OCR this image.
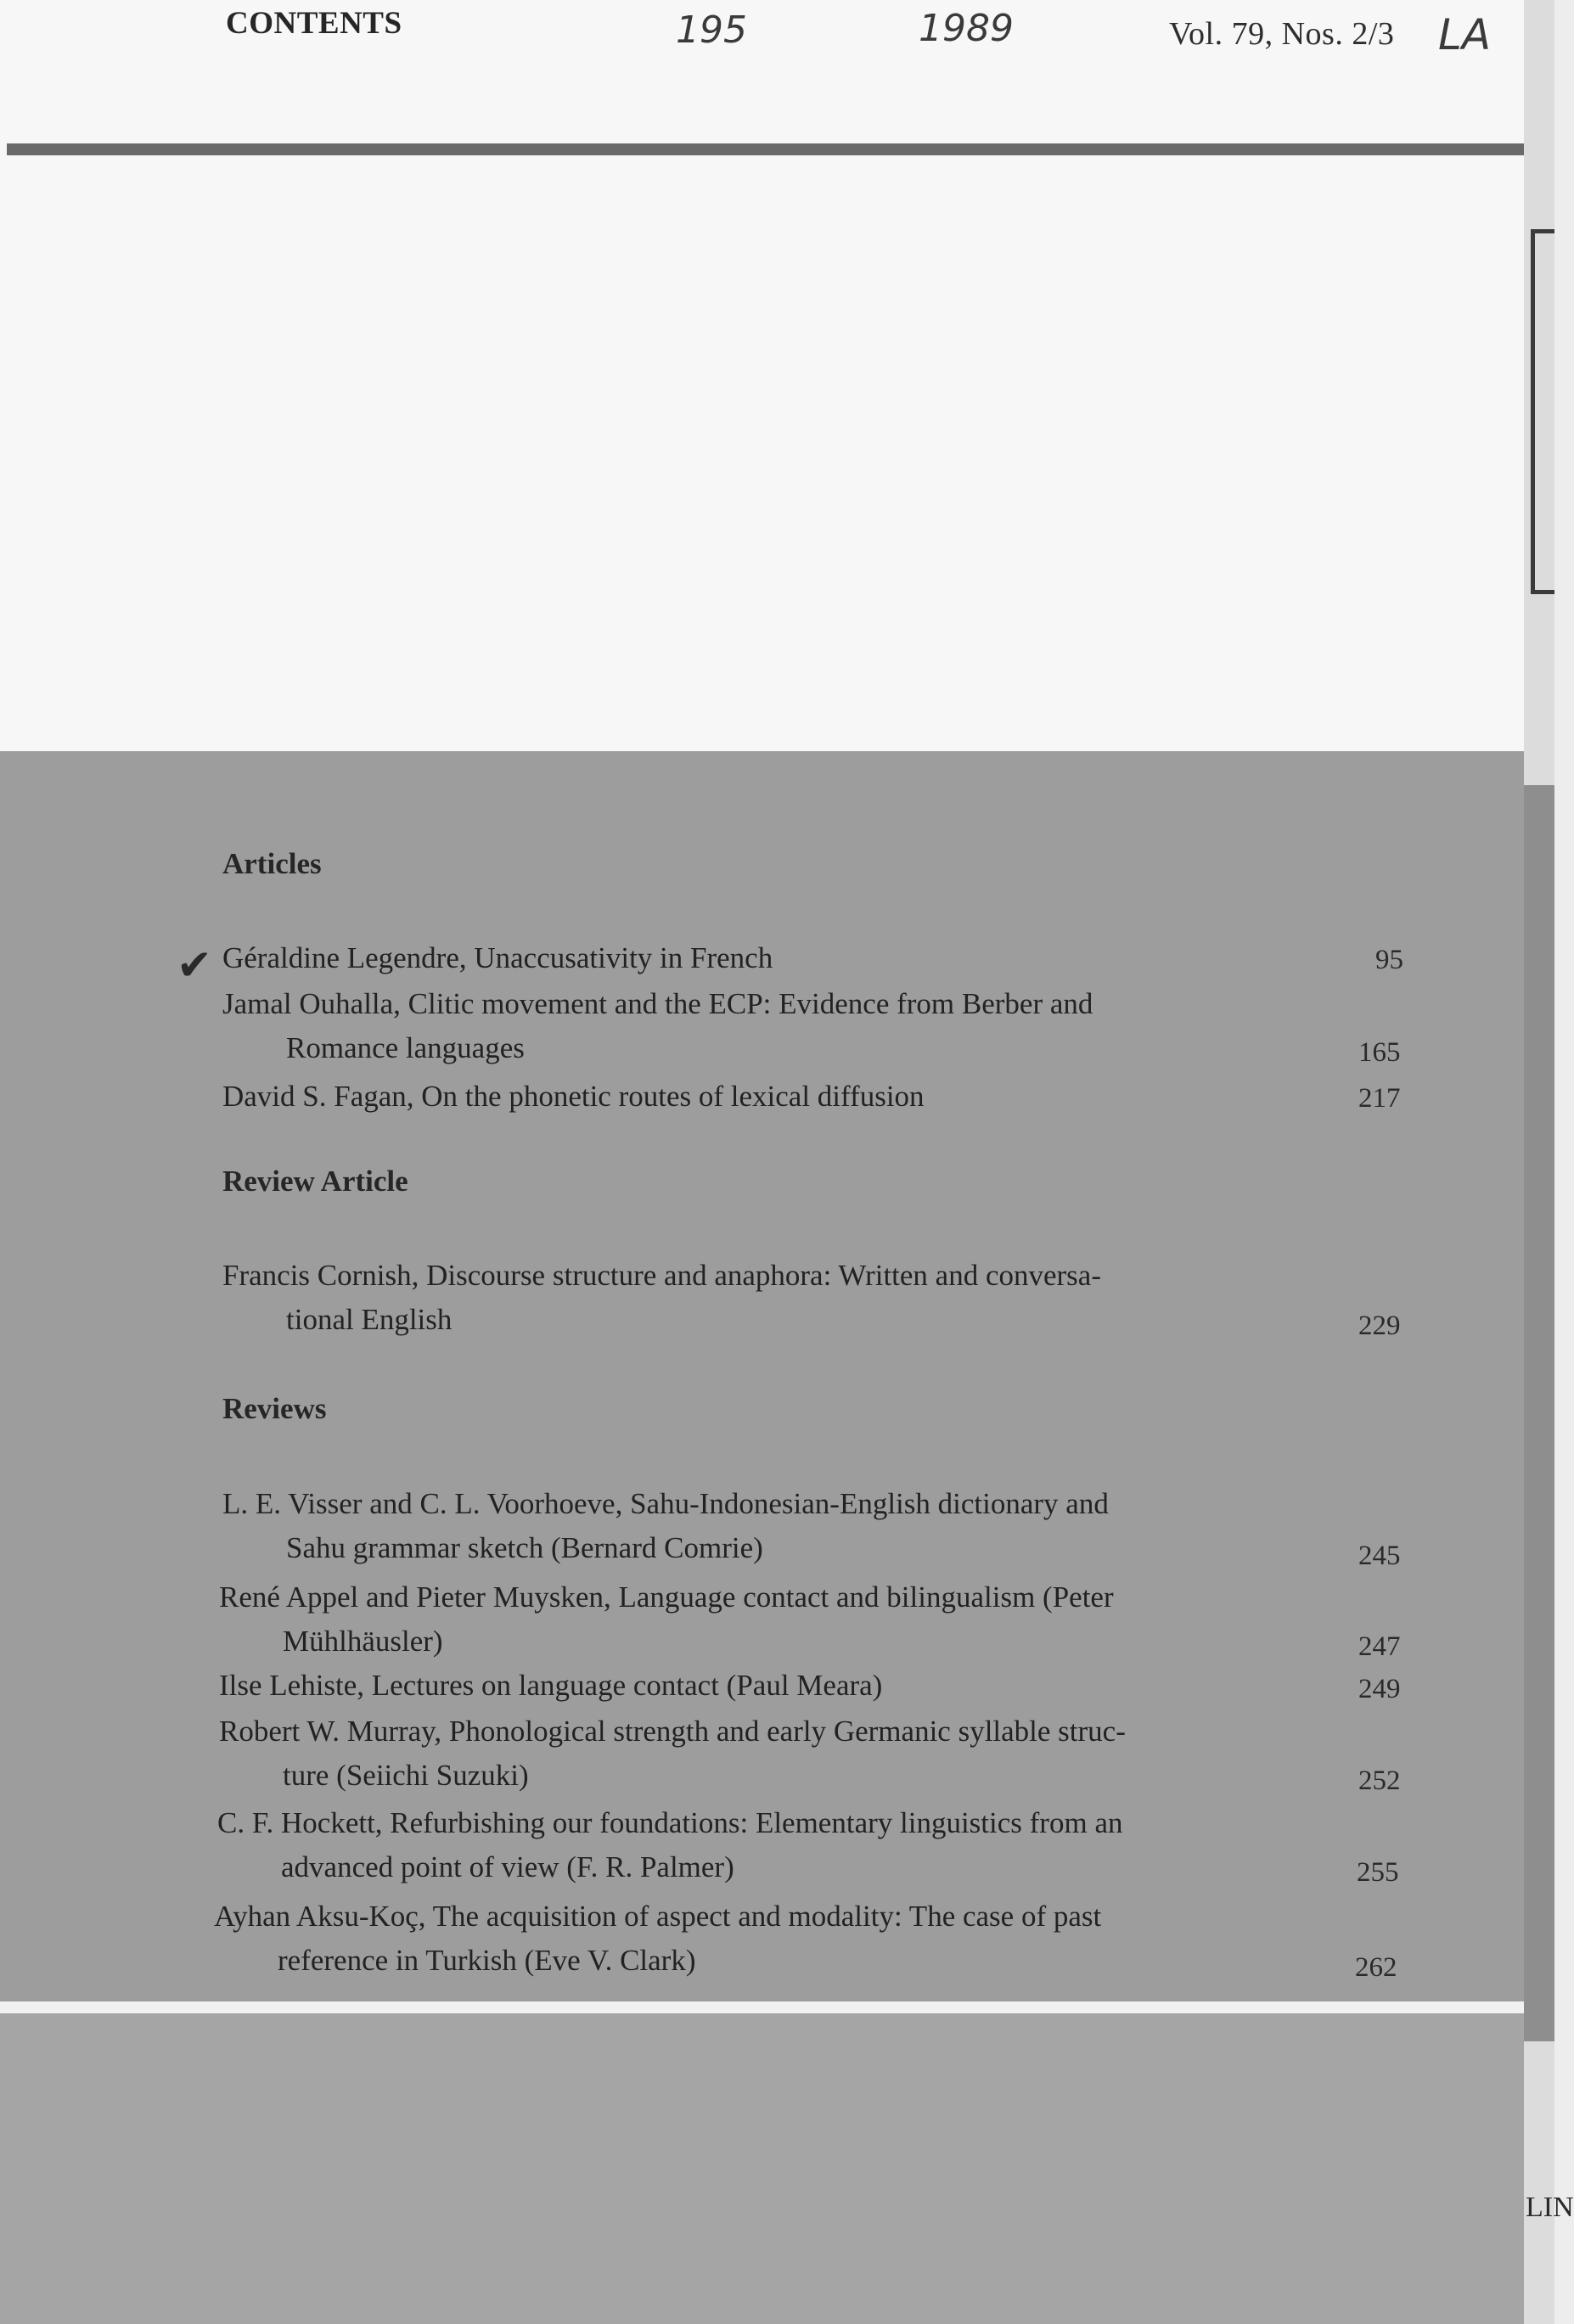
CONTENTS	Vol. 79, Nos. 2/3
195	1989	LA
LIN
Articles
✔ Géraldine Legendre, Unaccusativity in French	95
Jamal Ouhalla, Clitic movement and the ECP: Evidence from Berber and
Romance languages	165
David S. Fagan, On the phonetic routes of lexical diffusion	217
Review Article
Francis Cornish, Discourse structure and anaphora: Written and conversa-
tional English	229
Reviews
L. E. Visser and C. L. Voorhoeve, Sahu-Indonesian-English dictionary and
Sahu grammar sketch (Bernard Comrie)	245
René Appel and Pieter Muysken, Language contact and bilingualism (Peter
Mühlhäusler)	247
Ilse Lehiste, Lectures on language contact (Paul Meara)	249
Robert W. Murray, Phonological strength and early Germanic syllable struc-
ture (Seiichi Suzuki)	252
C. F. Hockett, Refurbishing our foundations: Elementary linguistics from an
advanced point of view (F. R. Palmer)	255
Ayhan Aksu-Koç, The acquisition of aspect and modality: The case of past
reference in Turkish (Eve V. Clark)	262
